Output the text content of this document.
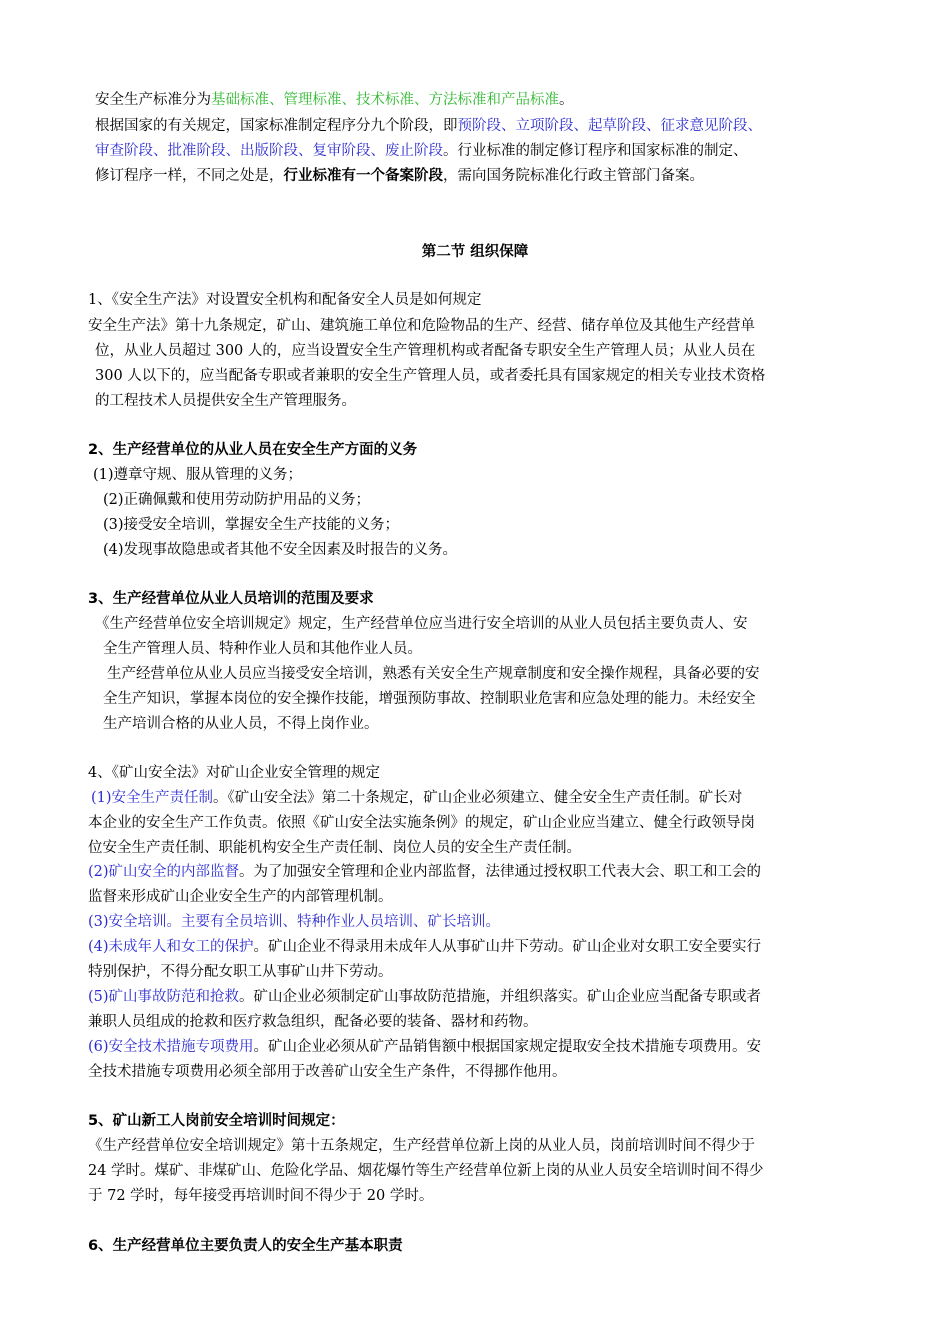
安全生产标准分为基础标准、管理标准、技术标准、方法标准和产品标准。
根据国家的有关规定，国家标准制定程序分九个阶段，即预阶段、立项阶段、起草阶段、征求意见阶段、
审查阶段、批准阶段、出版阶段、复审阶段、废止阶段。行业标准的制定修订程序和国家标准的制定、
修订程序一样，不同之处是，行业标准有一个备案阶段，需向国务院标准化行政主管部门备案。
第二节 组织保障
1、《安全生产法》对设置安全机构和配备安全人员是如何规定
安全生产法》第十九条规定，矿山、建筑施工单位和危险物品的生产、经营、储存单位及其他生产经营单
位，从业人员超过 300 人的，应当设置安全生产管理机构或者配备专职安全生产管理人员；从业人员在
300 人以下的，应当配备专职或者兼职的安全生产管理人员，或者委托具有国家规定的相关专业技术资格
的工程技术人员提供安全生产管理服务。
2、生产经营单位的从业人员在安全生产方面的义务
(1)遵章守规、服从管理的义务；
(2)正确佩戴和使用劳动防护用品的义务；
(3)接受安全培训，掌握安全生产技能的义务；
(4)发现事故隐患或者其他不安全因素及时报告的义务。
3、生产经营单位从业人员培训的范围及要求
《生产经营单位安全培训规定》规定，生产经营单位应当进行安全培训的从业人员包括主要负责人、安
全生产管理人员、特种作业人员和其他作业人员。
生产经营单位从业人员应当接受安全培训，熟悉有关安全生产规章制度和安全操作规程，具备必要的安
全生产知识，掌握本岗位的安全操作技能，增强预防事故、控制职业危害和应急处理的能力。未经安全
生产培训合格的从业人员，不得上岗作业。
4、《矿山安全法》对矿山企业安全管理的规定
(1)安全生产责任制。《矿山安全法》第二十条规定，矿山企业必须建立、健全安全生产责任制。矿长对
本企业的安全生产工作负责。依照《矿山安全法实施条例》的规定，矿山企业应当建立、健全行政领导岗
位安全生产责任制、职能机构安全生产责任制、岗位人员的安全生产责任制。
(2)矿山安全的内部监督。为了加强安全管理和企业内部监督，法律通过授权职工代表大会、职工和工会的
监督来形成矿山企业安全生产的内部管理机制。
(3)安全培训。主要有全员培训、特种作业人员培训、矿长培训。
(4)未成年人和女工的保护。矿山企业不得录用未成年人从事矿山井下劳动。矿山企业对女职工安全要实行
特别保护，不得分配女职工从事矿山井下劳动。
(5)矿山事故防范和抢救。矿山企业必须制定矿山事故防范措施，并组织落实。矿山企业应当配备专职或者
兼职人员组成的抢救和医疗救急组织，配备必要的装备、器材和药物。
(6)安全技术措施专项费用。矿山企业必须从矿产品销售额中根据国家规定提取安全技术措施专项费用。安
全技术措施专项费用必须全部用于改善矿山安全生产条件，不得挪作他用。
5、矿山新工人岗前安全培训时间规定：
《生产经营单位安全培训规定》第十五条规定，生产经营单位新上岗的从业人员，岗前培训时间不得少于
24 学时。煤矿、非煤矿山、危险化学品、烟花爆竹等生产经营单位新上岗的从业人员安全培训时间不得少
于 72 学时，每年接受再培训时间不得少于 20 学时。
6、生产经营单位主要负责人的安全生产基本职责
